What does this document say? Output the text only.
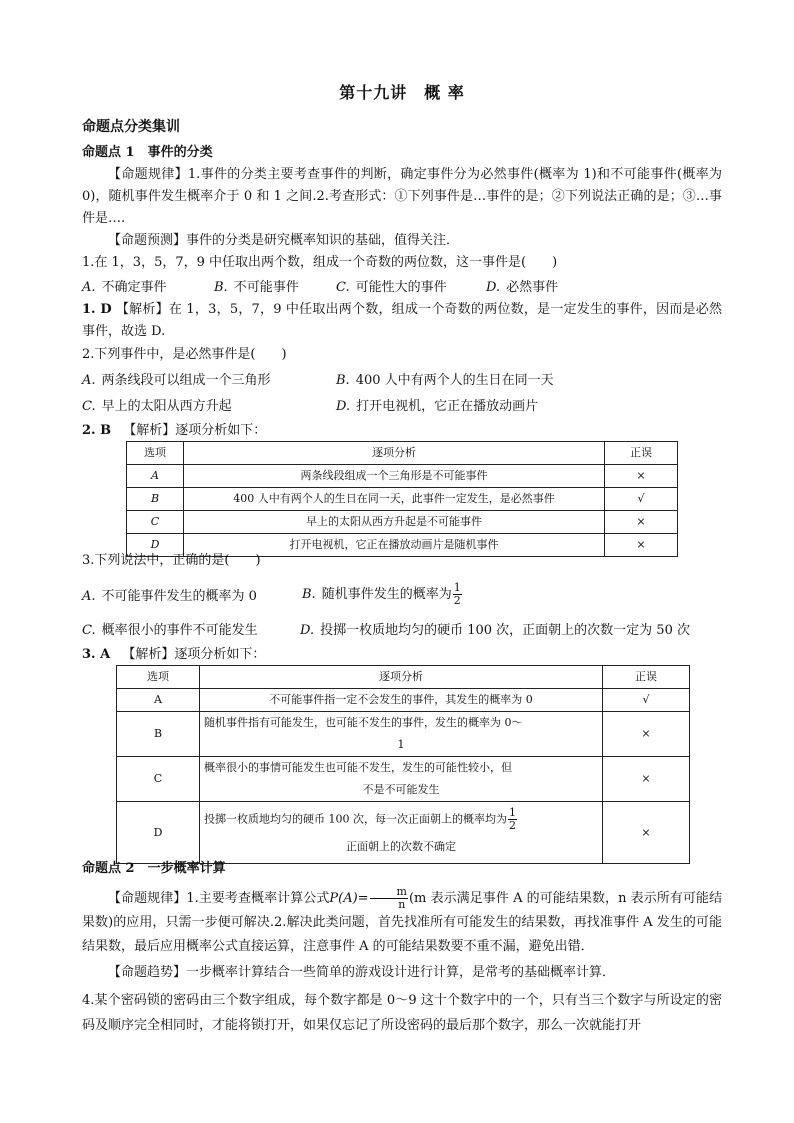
第十九讲　概 率
命题点分类集训
命题点 1　事件的分类
【命题规律】1.事件的分类主要考查事件的判断，确定事件分为必然事件(概率为 1)和不可能事件(概率为 0)，随机事件发生概率介于 0 和 1 之间.2.考查形式：①下列事件是…事件的是；②下列说法正确的是；③…事件是….
【命题预测】事件的分类是研究概率知识的基础，值得关注．
1.在 1，3，5，7，9 中任取出两个数，组成一个奇数的两位数，这一事件是(　　)
A. 不确定事件	B. 不可能事件	C. 可能性大的事件	D. 必然事件
1. D 【解析】在 1，3，5，7，9 中任取出两个数，组成一个奇数的两位数，是一定发生的事件，因而是必然事件，故选 D.
2.下列事件中，是必然事件是(　　)
A. 两条线段可以组成一个三角形	B. 400 人中有两个人的生日在同一天
C. 早上的太阳从西方升起	D. 打开电视机，它正在播放动画片
2. B 【解析】逐项分析如下：
选项	逐项分析	正误
A	两条线段组成一个三角形是不可能事件	×
B	400 人中有两个人的生日在同一天，此事件一定发生，是必然事件	√
C	早上的太阳从西方升起是不可能事件	×
D	打开电视机，它正在播放动画片是随机事件	×
3.下列说法中，正确的是(　　)
A. 不可能事件发生的概率为 0	B. 随机事件发生的概率为 $\frac{1}{2}$
C. 概率很小的事件不可能发生	D. 投掷一枚质地均匀的硬币 100 次，正面朝上的次数一定为 50 次
3. A 【解析】逐项分析如下：
选项	逐项分析	正误
A	不可能事件指一定不会发生的事件，其发生的概率为 0	√
B	随机事件指有可能发生，也可能不发生的事件，发生的概率为 0～
1	×
C	概率很小的事情可能发生也可能不发生，发生的可能性较小，但
不是不可能发生	×
D	投掷一枚质地均匀的硬币 100 次，每一次正面朝上的概率均为 $\frac{1}{2}$
正面朝上的次数不确定	×
命题点 2　一步概率计算
【命题规律】1.主要考查概率计算公式$P(A)= \frac{m}{n} (m$ 表示满足事件 A 的可能结果数，n 表示所有可能结果数)的应用，只需一步便可解决.2.解决此类问题，首先找准所有可能发生的结果数，再找准事件 A 发生的可能结果数，最后应用概率公式直接运算，注意事件 A 的可能结果数要不重不漏，避免出错．
【命题趋势】一步概率计算结合一些简单的游戏设计进行计算，是常考的基础概率计算．
4.某个密码锁的密码由三个数字组成，每个数字都是 0～9 这十个数字中的一个，只有当三个数字与所设定的密码及顺序完全相同时，才能将锁打开，如果仅忘记了所设密码的最后那个数字，那么一次就能打开
